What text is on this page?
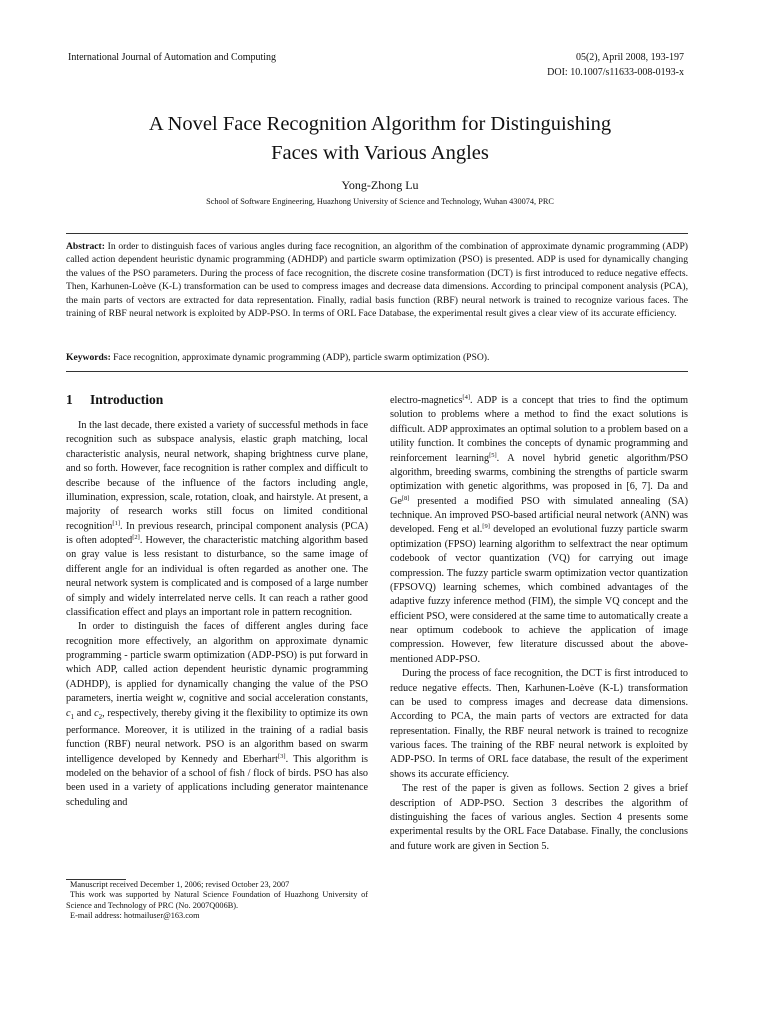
International Journal of Automation and Computing	05(2), April 2008, 193-197
DOI: 10.1007/s11633-008-0193-x
A Novel Face Recognition Algorithm for Distinguishing
Faces with Various Angles
Yong-Zhong Lu
School of Software Engineering, Huazhong University of Science and Technology, Wuhan 430074, PRC
Abstract: In order to distinguish faces of various angles during face recognition, an algorithm of the combination of approximate dynamic programming (ADP) called action dependent heuristic dynamic programming (ADHDP) and particle swarm optimization (PSO) is presented. ADP is used for dynamically changing the values of the PSO parameters. During the process of face recognition, the discrete cosine transformation (DCT) is first introduced to reduce negative effects. Then, Karhunen-Loève (K-L) transformation can be used to compress images and decrease data dimensions. According to principal component analysis (PCA), the main parts of vectors are extracted for data representation. Finally, radial basis function (RBF) neural network is trained to recognize various faces. The training of RBF neural network is exploited by ADP-PSO. In terms of ORL Face Database, the experimental result gives a clear view of its accurate efficiency.
Keywords: Face recognition, approximate dynamic programming (ADP), particle swarm optimization (PSO).
1 Introduction

In the last decade, there existed a variety of successful methods in face recognition such as subspace analysis, elastic graph matching, local characteristic analysis, neural network, shaping brightness curve plane, and so forth. However, face recognition is rather complex and difficult to describe because of the influence of the factors including angle, illumination, expression, scale, rotation, cloak, and hairstyle. At present, a majority of research works still focus on limited conditional recognition[1]. In previous research, principal component analysis (PCA) is often adopted[2]. However, the characteristic matching algorithm based on gray value is less resistant to disturbance, so the same image of different angle for an individual is often regarded as another one. The neural network system is complicated and is composed of a large number of simply and widely interrelated nerve cells. It can reach a rather good classification effect and plays an important role in pattern recognition.

In order to distinguish the faces of different angles during face recognition more effectively, an algorithm on approximate dynamic programming - particle swarm optimization (ADP-PSO) is put forward in which ADP, called action dependent heuristic dynamic programming (ADHDP), is applied for dynamically changing the value of the PSO parameters, inertia weight w, cognitive and social acceleration constants, $c_1$ and $c_2$, respectively, thereby giving it the flexibility to optimize its own performance. Moreover, it is utilized in the training of a radial basis function (RBF) neural network. PSO is an algorithm based on swarm intelligence developed by Kennedy and Eberhart[3]. This algorithm is modeled on the behavior of a school of fish / flock of birds. PSO has also been used in a variety of applications including generator maintenance scheduling and

electro-magnetics[4]. ADP is a concept that tries to find the optimum solution to problems where a method to find the exact solutions is difficult. ADP approximates an optimal solution to a problem based on a utility function. It combines the concepts of dynamic programming and reinforcement learning[5]. A novel hybrid genetic algorithm/PSO algorithm, breeding swarms, combining the strengths of particle swarm optimization with genetic algorithms, was proposed in [6, 7]. Da and Ge[8] presented a modified PSO with simulated annealing (SA) technique. An improved PSO-based artificial neural network (ANN) was developed. Feng et al.[9] developed an evolutional fuzzy particle swarm optimization (FPSO) learning algorithm to selfextract the near optimum codebook of vector quantization (VQ) for carrying out image compression. The fuzzy particle swarm optimization vector quantization (FPSOVQ) learning schemes, which combined advantages of the adaptive fuzzy inference method (FIM), the simple VQ concept and the efficient PSO, were considered at the same time to automatically create a near optimum codebook to achieve the application of image compression. However, few literature discussed about the above-mentioned ADP-PSO.

During the process of face recognition, the DCT is first introduced to reduce negative effects. Then, Karhunen-Loève (K-L) transformation can be used to compress images and decrease data dimensions. According to PCA, the main parts of vectors are extracted for data representation. Finally, the RBF neural network is trained to recognize various faces. The training of the RBF neural network is exploited by ADP-PSO. In terms of ORL face database, the result of the experiment shows its accurate efficiency.

The rest of the paper is given as follows. Section 2 gives a brief description of ADP-PSO. Section 3 describes the algorithm of distinguishing the faces of various angles. Section 4 presents some experimental results by the ORL Face Database. Finally, the conclusions and future work are given in Section 5.

Manuscript received December 1, 2006; revised October 23, 2007
This work was supported by Natural Science Foundation of Huazhong University of Science and Technology of PRC (No. 2007Q006B).
E-mail address: hotmailuser@163.com
